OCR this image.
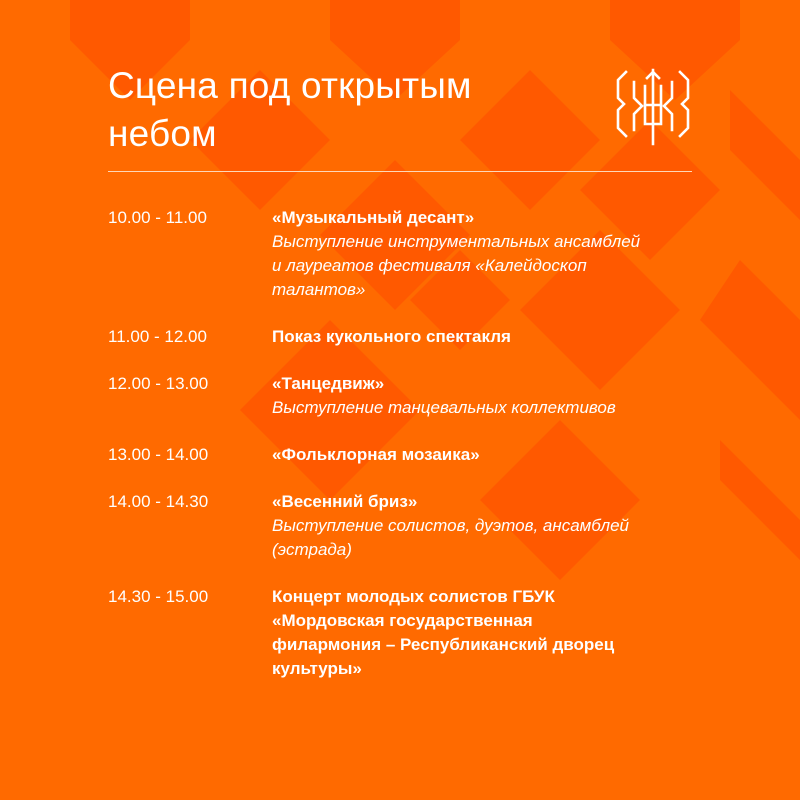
Сцена под открытым
небом
10.00 - 11.00	«Музыкальный десант»
Выступление инструментальных ансамблей
и лауреатов фестиваля «Калейдоскоп
талантов»
11.00 - 12.00	Показ кукольного спектакля
12.00 - 13.00	«Танцедвиж»
Выступление танцевальных коллективов
13.00 - 14.00	«Фольклорная мозаика»
14.00 - 14.30	«Весенний бриз»
Выступление солистов, дуэтов, ансамблей
(эстрада)
14.30 - 15.00	Концерт молодых солистов ГБУК
«Мордовская государственная
филармония – Республиканский дворец
культуры»
